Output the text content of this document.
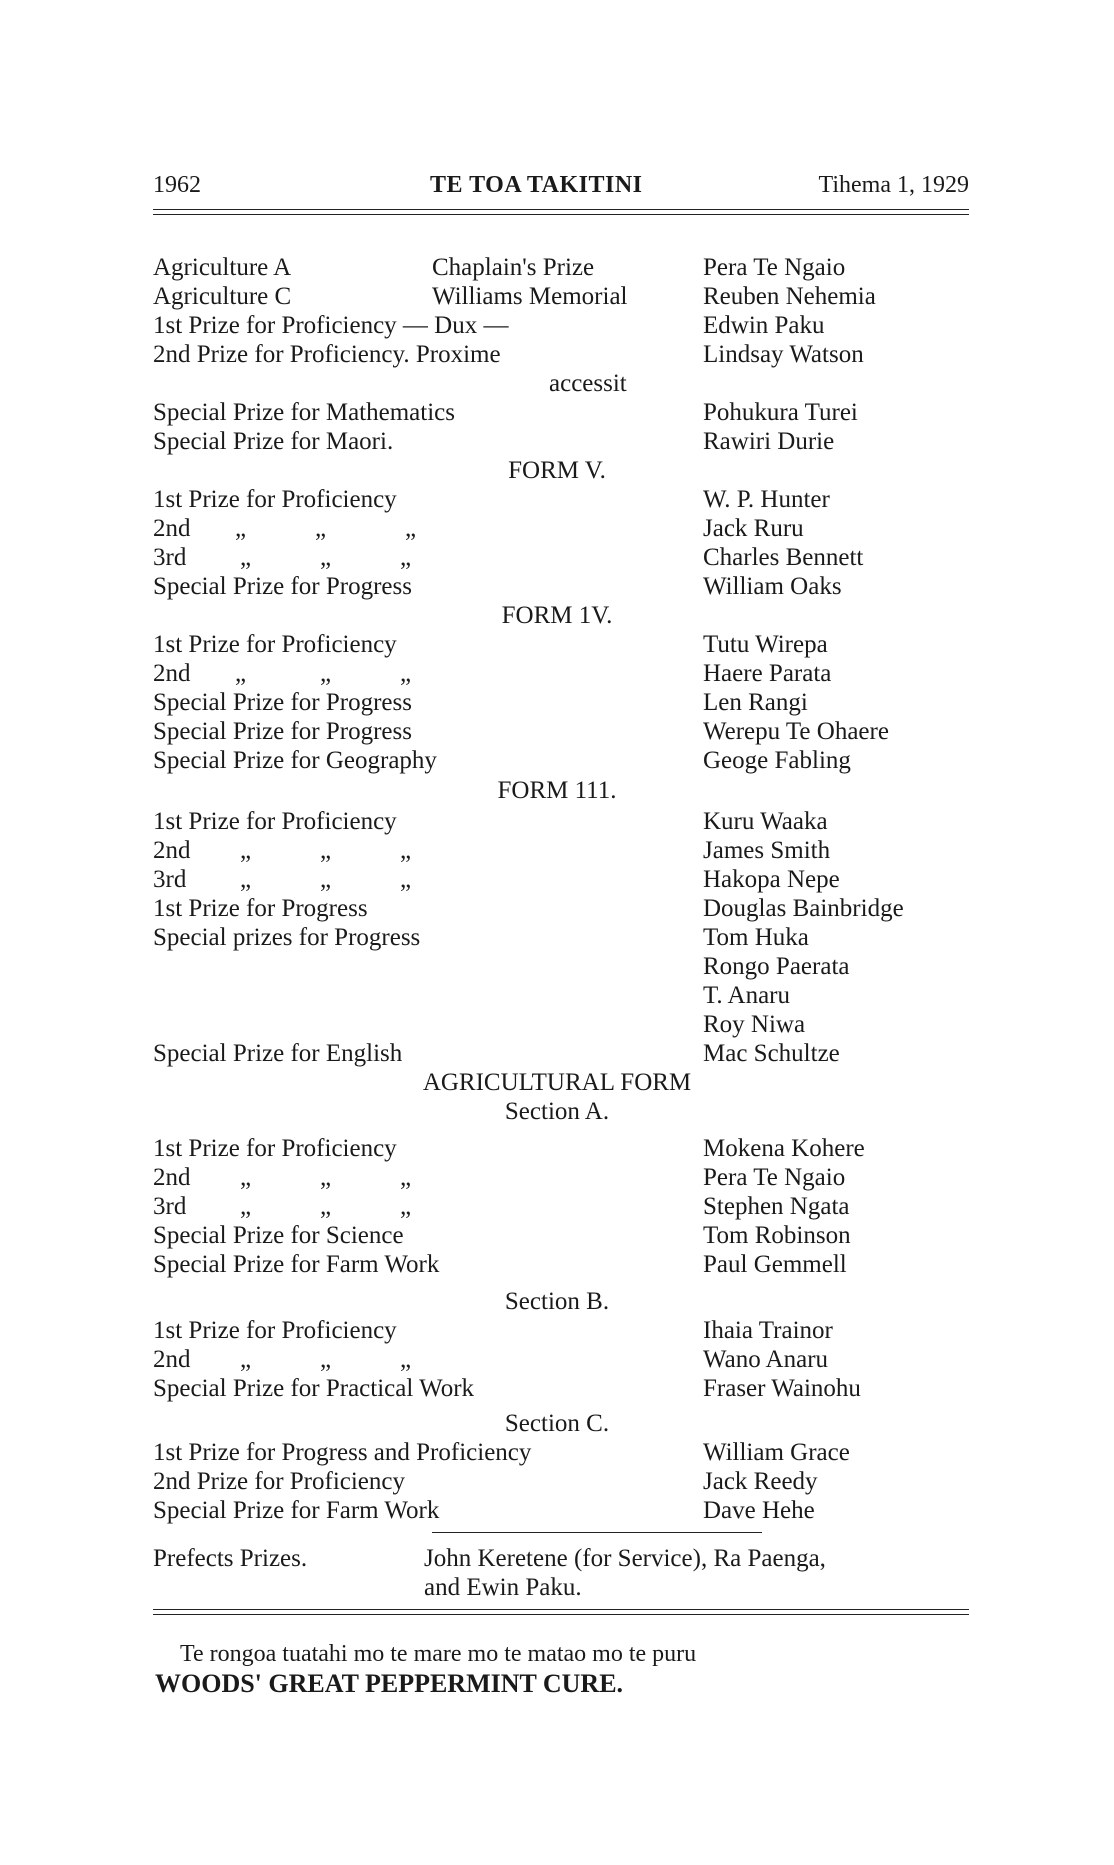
1962	TE TOA TAKITINI	Tihema 1, 1929
Agriculture A	Chaplain's Prize	Pera Te Ngaio
Agriculture C	Williams Memorial	Reuben Nehemia
1st Prize for Proficiency — Dux —	Edwin Paku
2nd Prize for Proficiency. Proxime	Lindsay Watson
accessit
Special Prize for Mathematics	Pohukura Turei
Special Prize for Maori.	Rawiri Durie
FORM V.
1st Prize for Proficiency	W. P. Hunter
2nd „	„	„	Jack Ruru
3rd „	„	„	Charles Bennett
Special Prize for Progress	William Oaks
FORM 1V.
1st Prize for Proficiency	Tutu Wirepa
2nd „	„	„	Haere Parata
Special Prize for Progress	Len Rangi
Special Prize for Progress	Werepu Te Ohaere
Special Prize for Geography	Geoge Fabling
FORM 111.
1st Prize for Proficiency	Kuru Waaka
2nd „	„	„	James Smith
3rd „	„	„	Hakopa Nepe
1st Prize for Progress	Douglas Bainbridge
Special prizes for Progress	Tom Huka
Rongo Paerata
T. Anaru
Roy Niwa
Special Prize for English	Mac Schultze
AGRICULTURAL FORM
Section A.
1st Prize for Proficiency	Mokena Kohere
2nd „	„	„	Pera Te Ngaio
3rd „	„	„	Stephen Ngata
Special Prize for Science	Tom Robinson
Special Prize for Farm Work	Paul Gemmell
Section B.
1st Prize for Proficiency	Ihaia Trainor
2nd „	„	„	Wano Anaru
Special Prize for Practical Work	Fraser Wainohu
Section C.
1st Prize for Progress and Proficiency	William Grace
2nd Prize for Proficiency	Jack Reedy
Special Prize for Farm Work	Dave Hehe
Prefects Prizes.	John Keretene (for Service), Ra Paenga,
and Ewin Paku.
Te rongoa tuatahi mo te mare mo te matao mo te puru
WOODS' GREAT PEPPERMINT CURE.
